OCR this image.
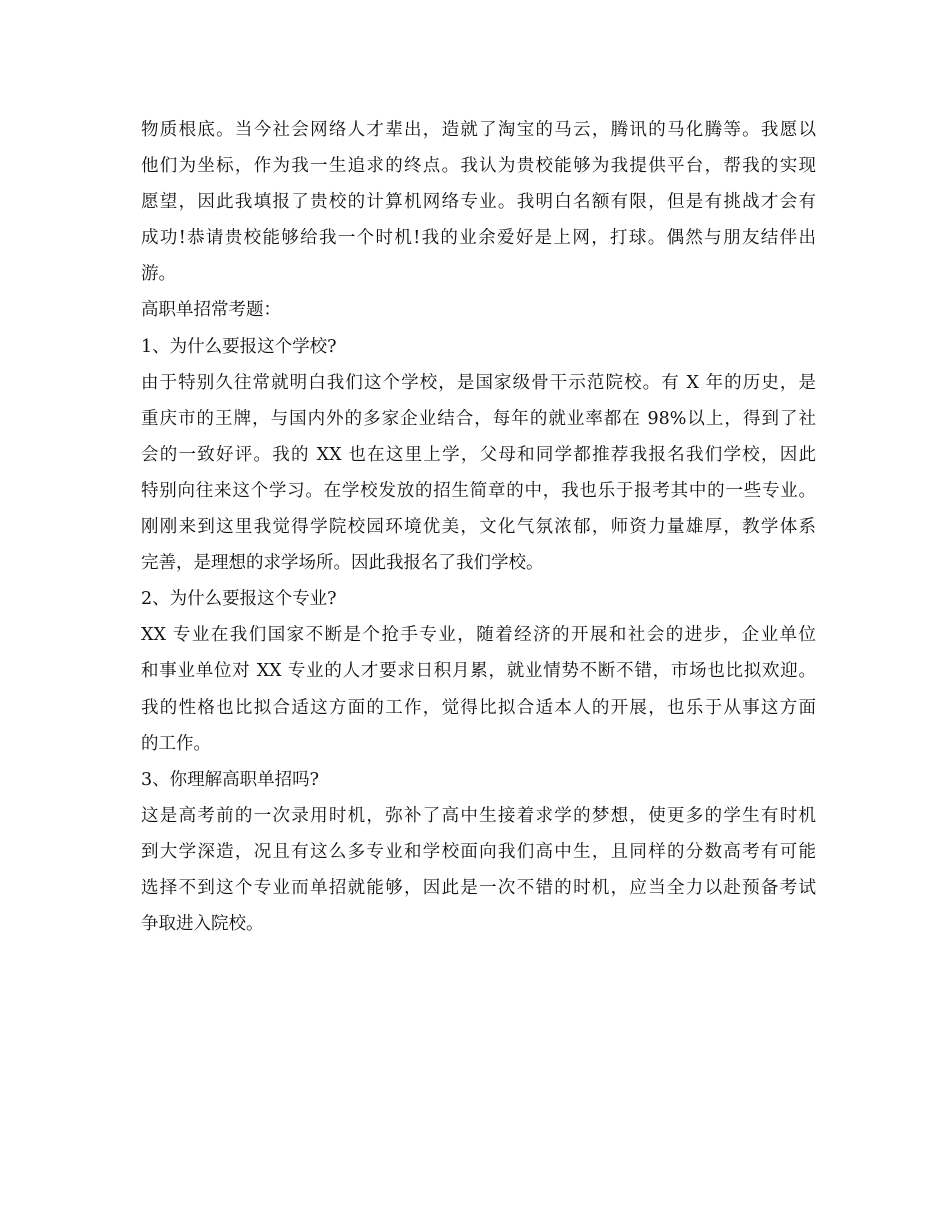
物质根底。当今社会网络人才辈出，造就了淘宝的马云，腾讯的马化腾等。我愿以
他们为坐标，作为我一生追求的终点。我认为贵校能够为我提供平台，帮我的实现
愿望，因此我填报了贵校的计算机网络专业。我明白名额有限，但是有挑战才会有
成功!恭请贵校能够给我一个时机!我的业余爱好是上网，打球。偶然与朋友结伴出
游。
高职单招常考题：
1、为什么要报这个学校?
由于特别久往常就明白我们这个学校，是国家级骨干示范院校。有 X 年的历史，是
重庆市的王牌，与国内外的多家企业结合，每年的就业率都在 98%以上，得到了社
会的一致好评。我的 XX 也在这里上学，父母和同学都推荐我报名我们学校，因此
特别向往来这个学习。在学校发放的招生简章的中，我也乐于报考其中的一些专业。
刚刚来到这里我觉得学院校园环境优美，文化气氛浓郁，师资力量雄厚，教学体系
完善，是理想的求学场所。因此我报名了我们学校。
2、为什么要报这个专业?
XX 专业在我们国家不断是个抢手专业，随着经济的开展和社会的进步，企业单位
和事业单位对 XX 专业的人才要求日积月累，就业情势不断不错，市场也比拟欢迎。
我的性格也比拟合适这方面的工作，觉得比拟合适本人的开展，也乐于从事这方面
的工作。
3、你理解高职单招吗?
这是高考前的一次录用时机，弥补了高中生接着求学的梦想，使更多的学生有时机
到大学深造，况且有这么多专业和学校面向我们高中生，且同样的分数高考有可能
选择不到这个专业而单招就能够，因此是一次不错的时机，应当全力以赴预备考试
争取进入院校。
